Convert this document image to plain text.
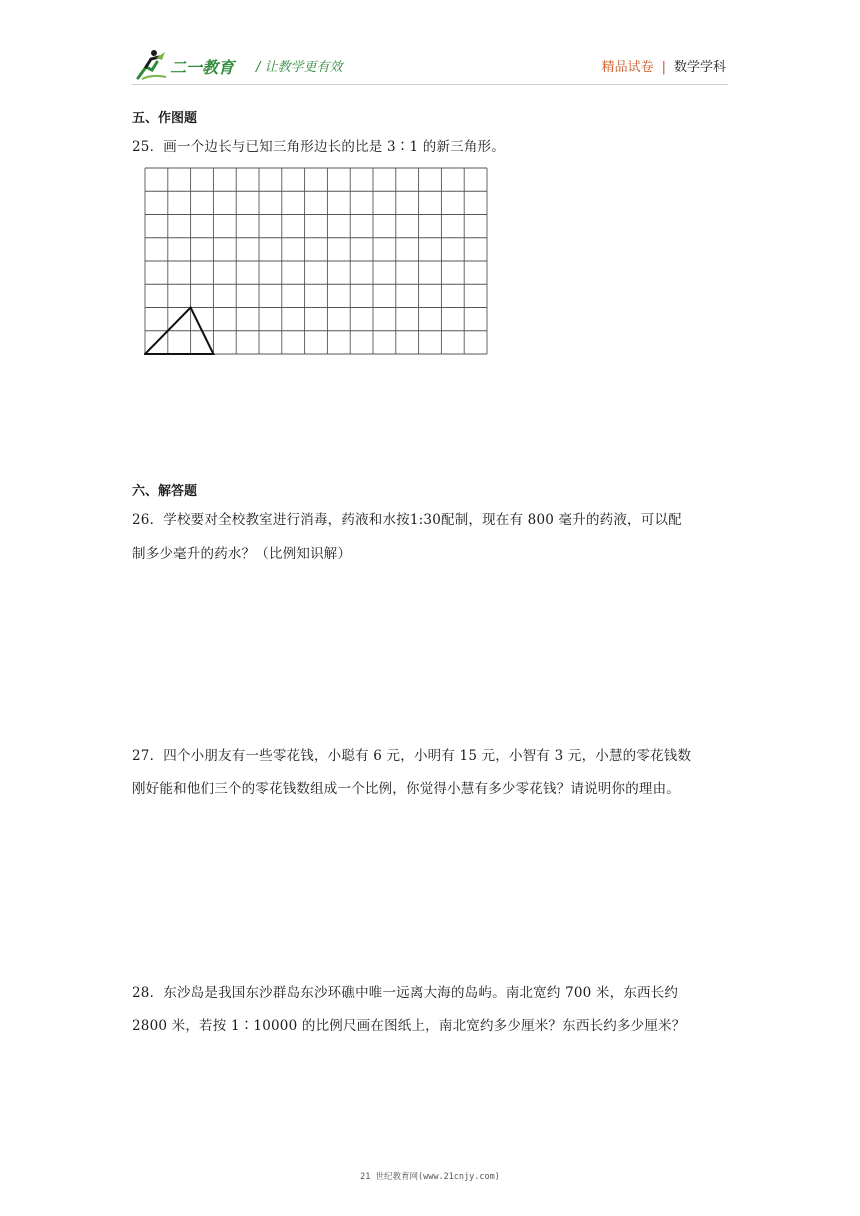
二一教育 / 让教学更有效	精品试卷 | 数学学科
五、作图题
25．画一个边长与已知三角形边长的比是 3∶1 的新三角形。
六、解答题
26．学校要对全校教室进行消毒，药液和水按1:30配制，现在有 800 毫升的药液，可以配
制多少毫升的药水？（比例知识解）
27．四个小朋友有一些零花钱，小聪有 6 元，小明有 15 元，小智有 3 元，小慧的零花钱数
刚好能和他们三个的零花钱数组成一个比例，你觉得小慧有多少零花钱？请说明你的理由。
28．东沙岛是我国东沙群岛东沙环礁中唯一远离大海的岛屿。南北宽约 700 米，东西长约
2800 米，若按 1∶10000 的比例尺画在图纸上，南北宽约多少厘米？东西长约多少厘米？
21 世纪教育网(www.21cnjy.com)
